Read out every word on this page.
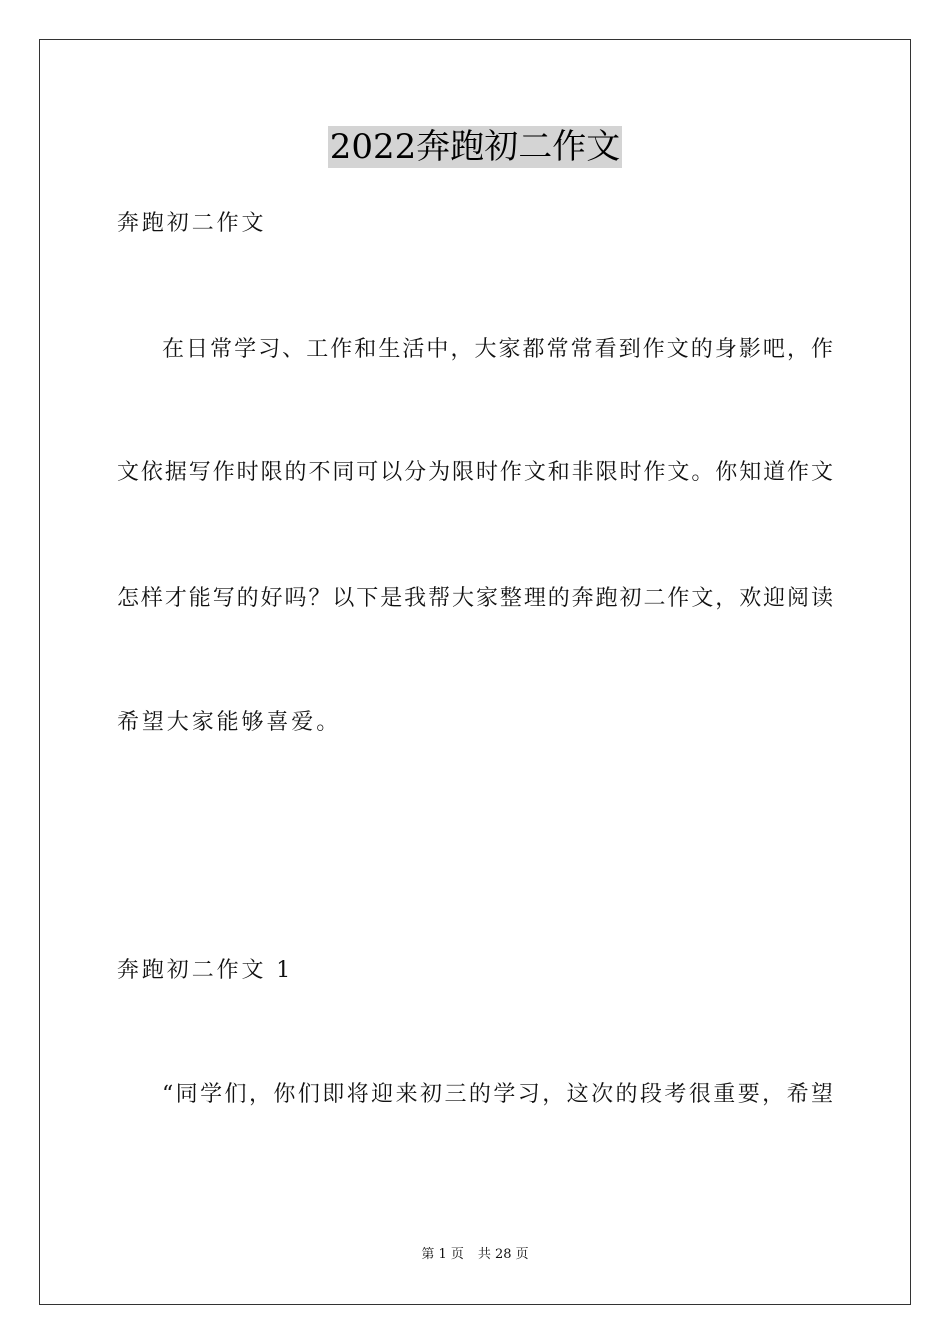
2022奔跑初二作文
奔跑初二作文
在日常学习、工作和生活中，大家都常常看到作文的身影吧，作
文依据写作时限的不同可以分为限时作文和非限时作文。你知道作文
怎样才能写的好吗？以下是我帮大家整理的奔跑初二作文，欢迎阅读
希望大家能够喜爱。
奔跑初二作文 1
“同学们，你们即将迎来初三的学习，这次的段考很重要，希望
第 1 页 共 28 页
